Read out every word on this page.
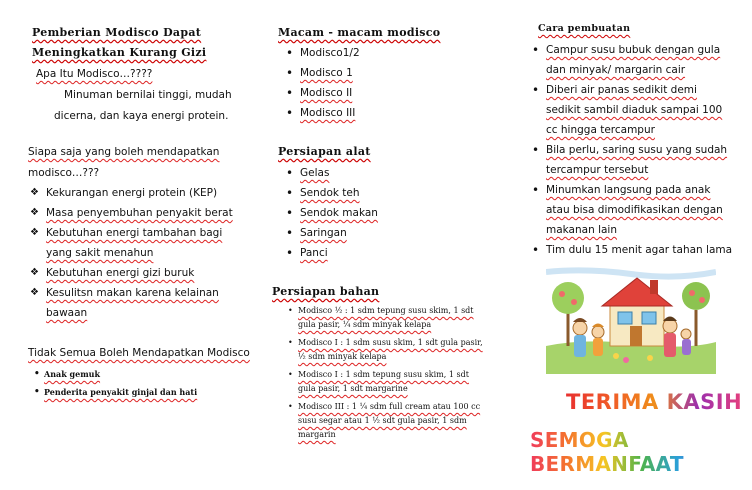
Pemberian Modisco Dapat
Meningkatkan Kurang Gizi
Apa Itu Modisco…????
Minuman bernilai tinggi, mudah
dicerna, dan kaya energi protein.
Siapa saja yang boleh mendapatkan
modisco…???
❖ Kekurangan energi protein (KEP)
❖ Masa penyembuhan penyakit berat
❖ Kebutuhan energi tambahan bagi yang sakit menahun
❖ Kebutuhan energi gizi buruk
❖ Kesulitsn makan karena kelainan bawaan
Tidak Semua Boleh Mendapatkan Modisco
• Anak gemuk
• Penderita penyakit ginjal dan hati
Macam - macam modisco
• Modisco1/2
• Modisco 1
• Modisco II
• Modisco III
Persiapan alat
• Gelas
• Sendok teh
• Sendok makan
• Saringan
• Panci
Persiapan bahan
• Modisco ½ : 1 sdm tepung susu skim, 1 sdt gula pasir, ¼ sdm minyak kelapa
• Modisco I : 1 sdm susu skim, 1 sdt gula pasir, ½ sdm minyak kelapa
• Modisco I : 1 sdm tepung susu skim, 1 sdt gula pasir, 1 sdt margarine
• Modisco III : 1 ¼ sdm full cream atau 100 cc susu segar atau 1 ½ sdt gula pasir, 1 sdm margarin
Cara pembuatan
• Campur susu bubuk dengan gula dan minyak/ margarin cair
• Diberi air panas sedikit demi sedikit sambil diaduk sampai 100 cc hingga tercampur
• Bila perlu, saring susu yang sudah tercampur tersebut
• Minumkan langsung pada anak atau bisa dimodifikasikan dengan makanan lain
• Tim dulu 15 menit agar tahan lama
TERIMA KASIH
SEMOGA BERMANFAAT
